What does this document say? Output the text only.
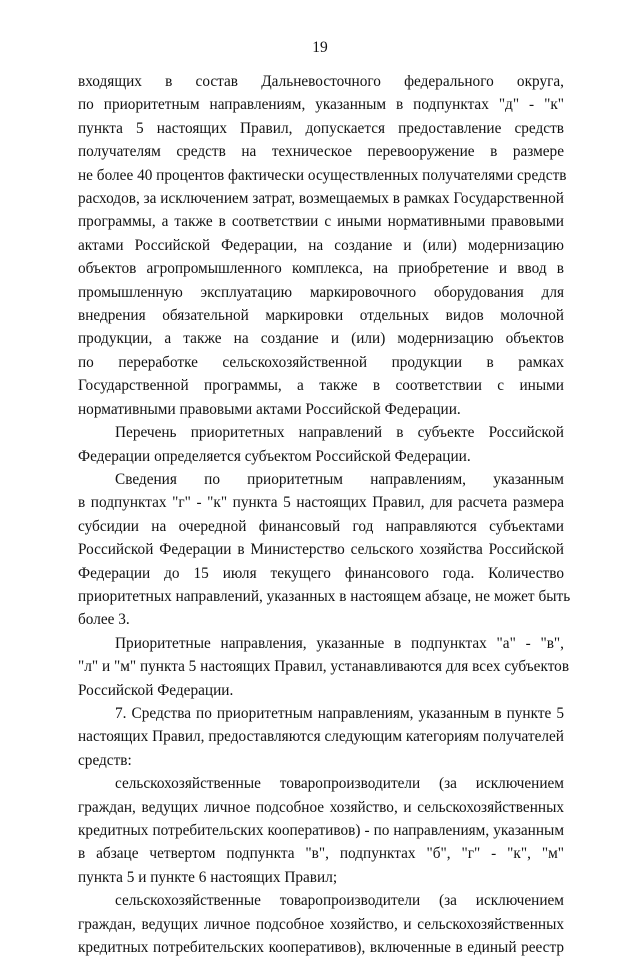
19
входящих в состав Дальневосточного федерального округа,
по приоритетным направлениям, указанным в подпунктах "д" - "к"
пункта 5 настоящих Правил, допускается предоставление средств
получателям средств на техническое перевооружение в размере
не более 40 процентов фактически осуществленных получателями средств
расходов, за исключением затрат, возмещаемых в рамках Государственной
программы, а также в соответствии с иными нормативными правовыми
актами Российской Федерации, на создание и (или) модернизацию
объектов агропромышленного комплекса, на приобретение и ввод в
промышленную эксплуатацию маркировочного оборудования для
внедрения обязательной маркировки отдельных видов молочной
продукции, а также на создание и (или) модернизацию объектов
по переработке сельскохозяйственной продукции в рамках
Государственной программы, а также в соответствии с иными
нормативными правовыми актами Российской Федерации.
Перечень приоритетных направлений в субъекте Российской
Федерации определяется субъектом Российской Федерации.
Сведения по приоритетным направлениям, указанным
в подпунктах "г" - "к" пункта 5 настоящих Правил, для расчета размера
субсидии на очередной финансовый год направляются субъектами
Российской Федерации в Министерство сельского хозяйства Российской
Федерации до 15 июля текущего финансового года. Количество
приоритетных направлений, указанных в настоящем абзаце, не может быть
более 3.
Приоритетные направления, указанные в подпунктах "а" - "в",
"л" и "м" пункта 5 настоящих Правил, устанавливаются для всех субъектов
Российской Федерации.
7. Средства по приоритетным направлениям, указанным в пункте 5
настоящих Правил, предоставляются следующим категориям получателей
средств:
сельскохозяйственные товаропроизводители (за исключением
граждан, ведущих личное подсобное хозяйство, и сельскохозяйственных
кредитных потребительских кооперативов) - по направлениям, указанным
в абзаце четвертом подпункта "в", подпунктах "б", "г" - "к", "м"
пункта 5 и пункте 6 настоящих Правил;
сельскохозяйственные товаропроизводители (за исключением
граждан, ведущих личное подсобное хозяйство, и сельскохозяйственных
кредитных потребительских кооперативов), включенные в единый реестр
